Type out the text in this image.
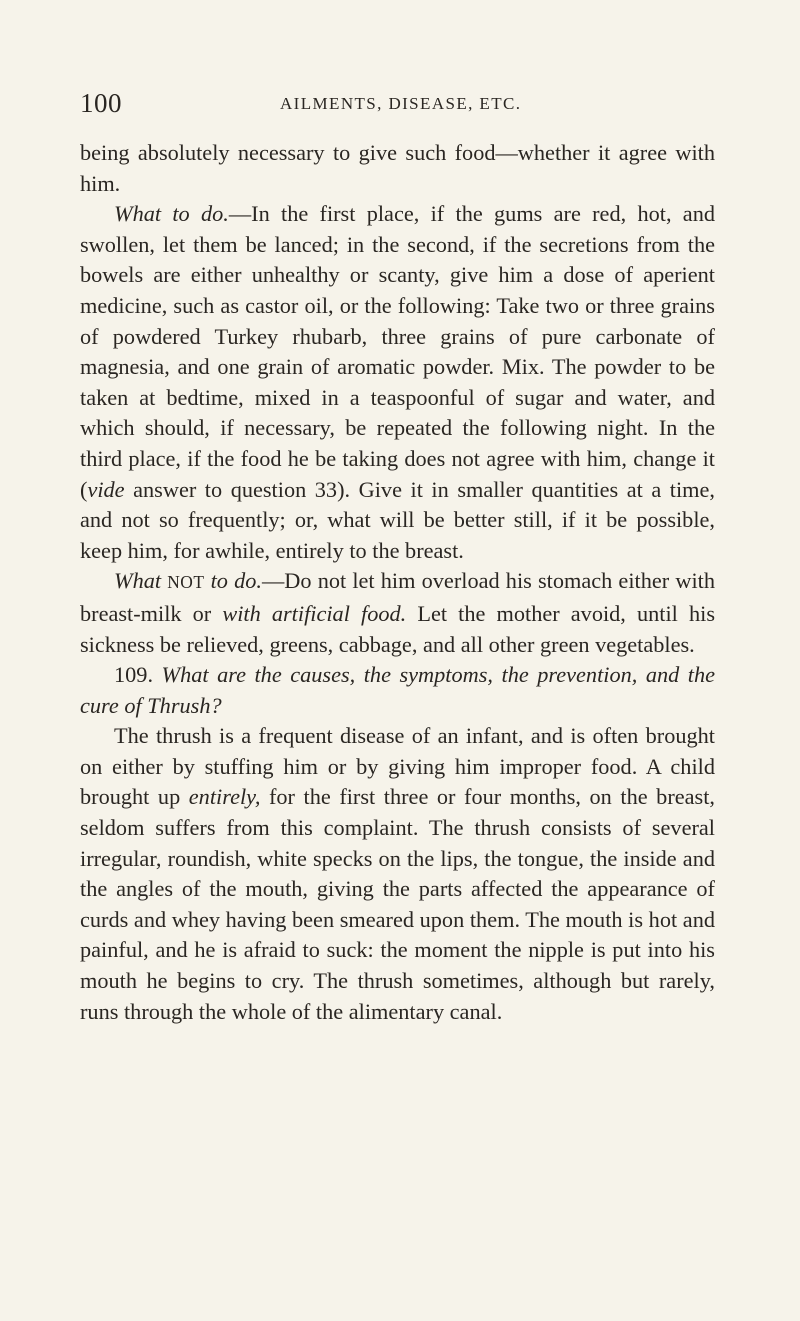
100	AILMENTS, DISEASE, ETC.

being absolutely necessary to give such food—whether it agree with him.

What to do.—In the first place, if the gums are red, hot, and swollen, let them be lanced; in the second, if the secretions from the bowels are either unhealthy or scanty, give him a dose of aperient medicine, such as castor oil, or the following: Take two or three grains of powdered Turkey rhubarb, three grains of pure carbonate of magnesia, and one grain of aromatic powder. Mix. The powder to be taken at bedtime, mixed in a teaspoonful of sugar and water, and which should, if necessary, be repeated the following night. In the third place, if the food he be taking does not agree with him, change it (vide answer to question 33). Give it in smaller quantities at a time, and not so frequently; or, what will be better still, if it be possible, keep him, for awhile, entirely to the breast.

What NOT to do.—Do not let him overload his stomach either with breast-milk or with artificial food. Let the mother avoid, until his sickness be relieved, greens, cabbage, and all other green vegetables.

109. What are the causes, the symptoms, the prevention, and the cure of Thrush?

The thrush is a frequent disease of an infant, and is often brought on either by stuffing him or by giving him improper food. A child brought up entirely, for the first three or four months, on the breast, seldom suffers from this complaint. The thrush consists of several irregular, roundish, white specks on the lips, the tongue, the inside and the angles of the mouth, giving the parts affected the appearance of curds and whey having been smeared upon them. The mouth is hot and painful, and he is afraid to suck: the moment the nipple is put into his mouth he begins to cry. The thrush sometimes, although but rarely, runs through the whole of the alimentary canal.
